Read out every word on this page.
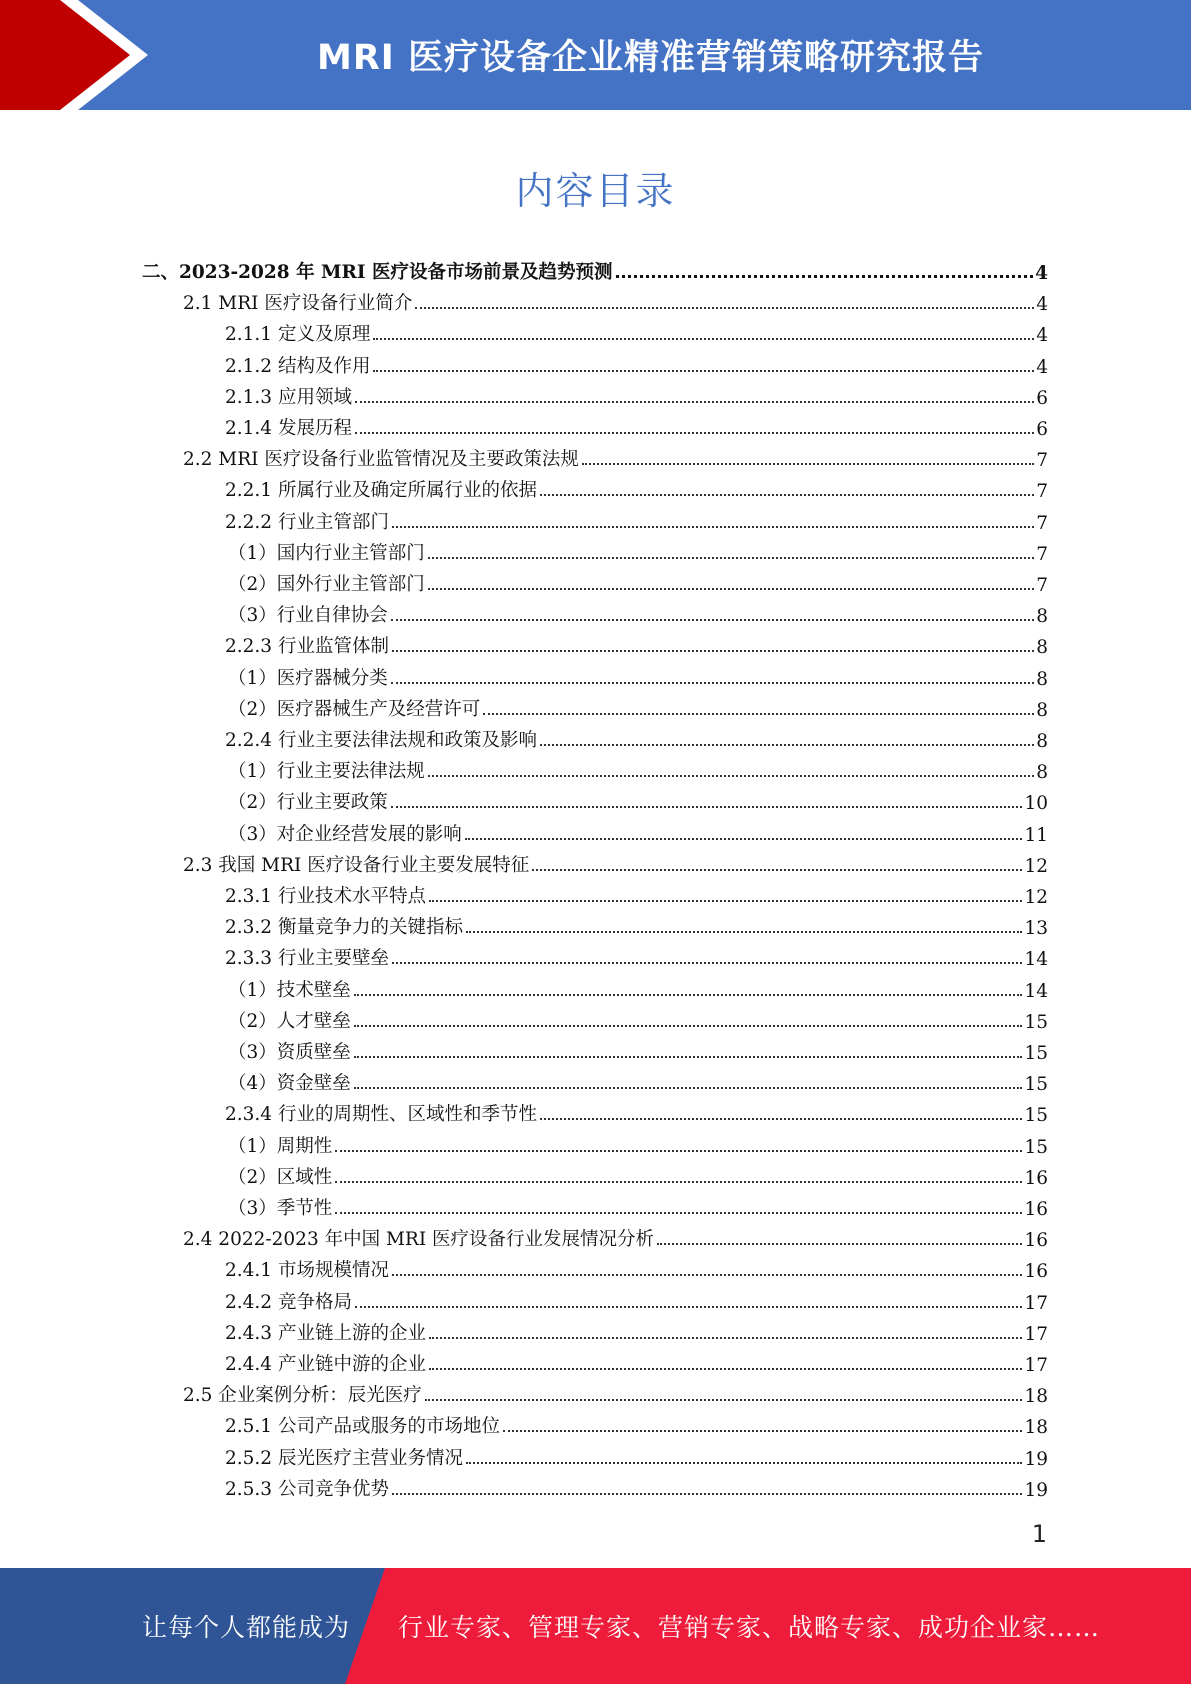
MRI 医疗设备企业精准营销策略研究报告
内容目录
二、2023-2028 年 MRI 医疗设备市场前景及趋势预测	4
2.1 MRI 医疗设备行业简介	4
2.1.1 定义及原理	4
2.1.2 结构及作用	4
2.1.3 应用领域	6
2.1.4 发展历程	6
2.2 MRI 医疗设备行业监管情况及主要政策法规	7
2.2.1 所属行业及确定所属行业的依据	7
2.2.2 行业主管部门	7
（1）国内行业主管部门	7
（2）国外行业主管部门	7
（3）行业自律协会	8
2.2.3 行业监管体制	8
（1）医疗器械分类	8
（2）医疗器械生产及经营许可	8
2.2.4 行业主要法律法规和政策及影响	8
（1）行业主要法律法规	8
（2）行业主要政策	10
（3）对企业经营发展的影响	11
2.3 我国 MRI 医疗设备行业主要发展特征	12
2.3.1 行业技术水平特点	12
2.3.2 衡量竞争力的关键指标	13
2.3.3 行业主要壁垒	14
（1）技术壁垒	14
（2）人才壁垒	15
（3）资质壁垒	15
（4）资金壁垒	15
2.3.4 行业的周期性、区域性和季节性	15
（1）周期性	15
（2）区域性	16
（3）季节性	16
2.4 2022-2023 年中国 MRI 医疗设备行业发展情况分析	16
2.4.1 市场规模情况	16
2.4.2 竞争格局	17
2.4.3 产业链上游的企业	17
2.4.4 产业链中游的企业	17
2.5 企业案例分析：辰光医疗	18
2.5.1 公司产品或服务的市场地位	18
2.5.2 辰光医疗主营业务情况	19
2.5.3 公司竞争优势	19
1
让每个人都能成为 行业专家、管理专家、营销专家、战略专家、成功企业家……
